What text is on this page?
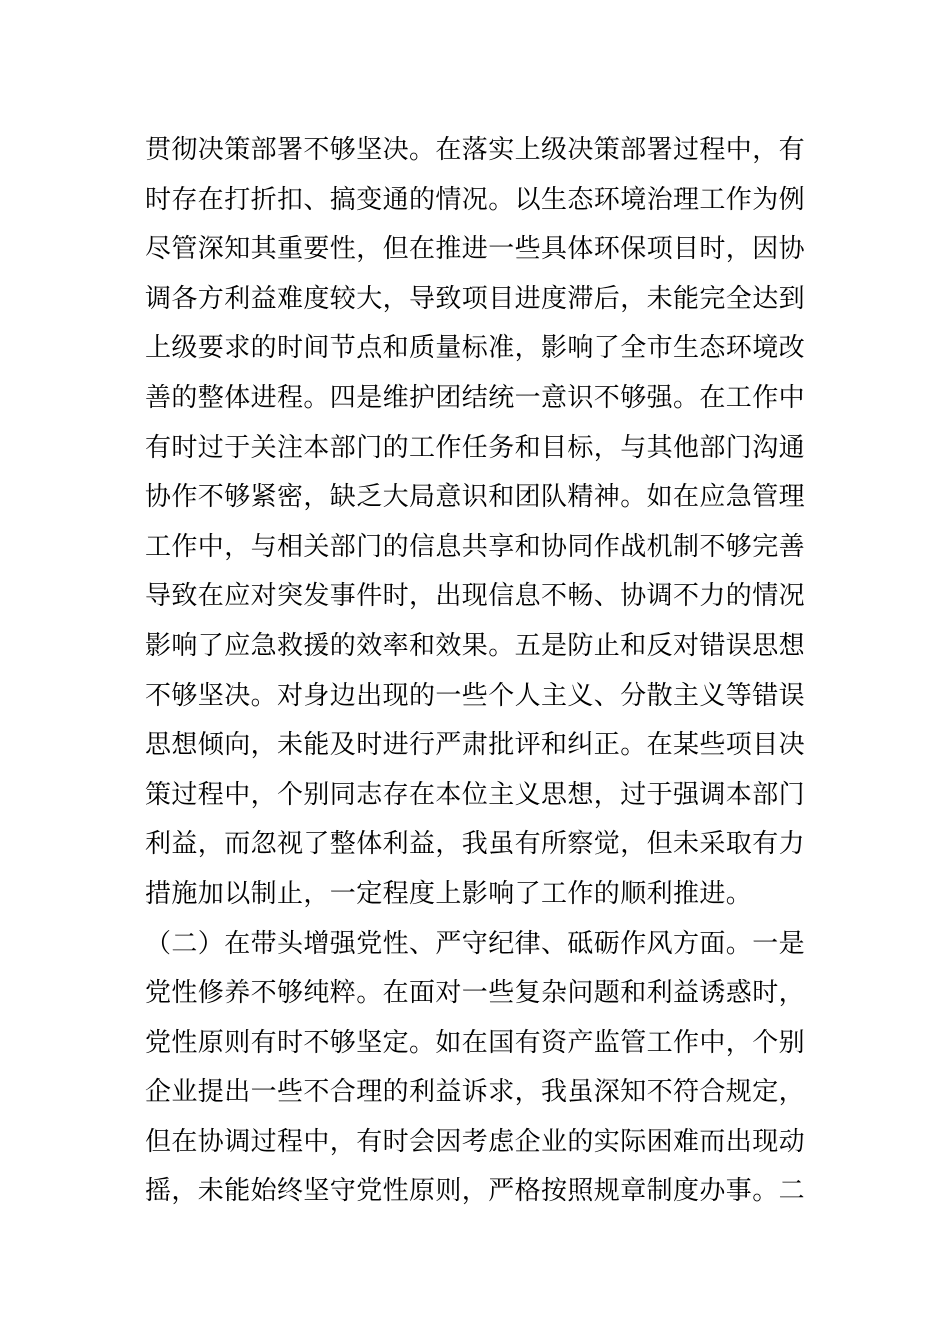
贯彻决策部署不够坚决。在落实上级决策部署过程中，有
时存在打折扣、搞变通的情况。以生态环境治理工作为例
尽管深知其重要性，但在推进一些具体环保项目时，因协
调各方利益难度较大，导致项目进度滞后，未能完全达到
上级要求的时间节点和质量标准，影响了全市生态环境改
善的整体进程。四是维护团结统一意识不够强。在工作中
有时过于关注本部门的工作任务和目标，与其他部门沟通
协作不够紧密，缺乏大局意识和团队精神。如在应急管理
工作中，与相关部门的信息共享和协同作战机制不够完善
导致在应对突发事件时，出现信息不畅、协调不力的情况
影响了应急救援的效率和效果。五是防止和反对错误思想
不够坚决。对身边出现的一些个人主义、分散主义等错误
思想倾向，未能及时进行严肃批评和纠正。在某些项目决
策过程中，个别同志存在本位主义思想，过于强调本部门
利益，而忽视了整体利益，我虽有所察觉，但未采取有力
措施加以制止，一定程度上影响了工作的顺利推进。
（二）在带头增强党性、严守纪律、砥砺作风方面。一是
党性修养不够纯粹。在面对一些复杂问题和利益诱惑时，
党性原则有时不够坚定。如在国有资产监管工作中，个别
企业提出一些不合理的利益诉求，我虽深知不符合规定，
但在协调过程中，有时会因考虑企业的实际困难而出现动
摇，未能始终坚守党性原则，严格按照规章制度办事。二
